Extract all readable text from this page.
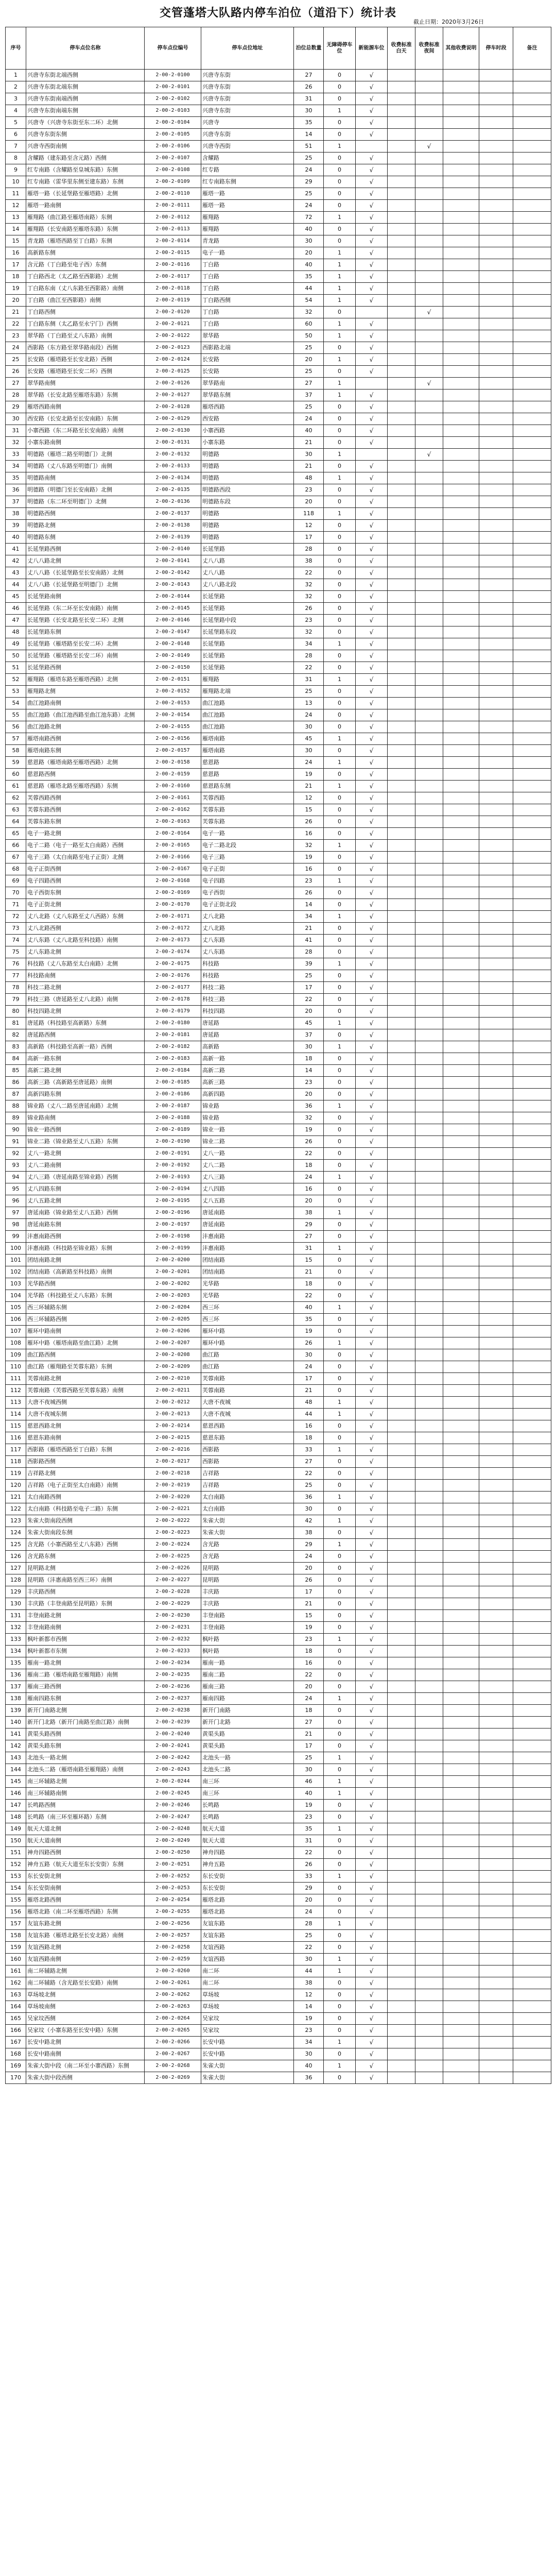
交管蓬塔大队路内停车泊位（道沿下）统计表
截止日期：2020年3月26日
序号	停车点位名称	停车点位编号	停车点位地址	泊位总数量	无障碍停车位	新能源车位	收费标准白天	收费标准夜间	其他收费说明	停车时段	备注
1	兴唐寺东街北端西侧	2-00-2-0100	兴唐寺东街	27	0	√					
2	兴唐寺东街北端东侧	2-00-2-0101	兴唐寺东街	26	0	√					
3	兴唐寺东街南端西侧	2-00-2-0102	兴唐寺东街	31	0	√					
4	兴唐寺东街南端东侧	2-00-2-0103	兴唐寺东街	30	1	√					
5	兴唐寺（兴唐寺东街至东二环）北侧	2-00-2-0104	兴唐寺	35	0	√					
6	兴唐寺东街东侧	2-00-2-0105	兴唐寺东街	14	0	√					
7	兴唐寺西街南侧	2-00-2-0106	兴唐寺西街	51	1			√			
8	含耀路（建东路至含元路）西侧	2-00-2-0107	含耀路	25	0	√					
9	红专南路（含耀路至皇城东路）东侧	2-00-2-0108	红专路	24	0	√					
10	红专南路（雷华里东侧至建东路）东侧	2-00-2-0109	红专南路东侧	29	0	√					
11	雁塔一路（长延堡路至雁塔路）北侧	2-00-2-0110	雁塔一路	25	0	√					
12	雁塔一路南侧	2-00-2-0111	雁塔一路	24	0	√					
13	雁翔路（曲江路至雁塔南路）东侧	2-00-2-0112	雁翔路	72	1	√					
14	雁翔路（长安南路至雁塔东路）东侧	2-00-2-0113	雁翔路	40	0	√					
15	青龙路（雁塔西路至丁白路）东侧	2-00-2-0114	青龙路	30	0	√					
16	高新路东侧	2-00-2-0115	电子一路	20	1	√					
17	含元路（丁白路至电子西）东侧	2-00-2-0116	丁白路	40	1	√					
18	丁白路西北（太乙路至西影路）北侧	2-00-2-0117	丁白路	35	1	√					
19	丁白路东南（丈八东路至西影路）南侧	2-00-2-0118	丁白路	44	1	√					
20	丁白路（曲江至西影路）南侧	2-00-2-0119	丁白路西侧	54	1	√					
21	丁白路西侧	2-00-2-0120	丁白路	32	0			√			
22	丁白路东侧（太乙路至永宁门）西侧	2-00-2-0121	丁白路	60	1	√					
23	翠华路（丁白路至丈八东路）南侧	2-00-2-0122	翠华路	50	1	√					
24	西影路（东方路至翠华路南段）西侧	2-00-2-0123	西影路北端	25	0	√					
25	长安路（雁塔路至长安北路）西侧	2-00-2-0124	长安路	20	1	√					
26	长安路（雁塔路至长安二环）西侧	2-00-2-0125	长安路	25	0	√					
27	翠华路南侧	2-00-2-0126	翠华路南	27	1			√			
28	翠华路（长安北路至雁塔东路）东侧	2-00-2-0127	翠华路东侧	37	1	√					
29	雁塔西路南侧	2-00-2-0128	雁塔西路	25	0	√					
30	西安路（长安北路至长安南路）东侧	2-00-2-0129	西安路	24	0	√					
31	小寨西路（东二环路至长安南路）南侧	2-00-2-0130	小寨西路	40	0	√					
32	小寨东路南侧	2-00-2-0131	小寨东路	21	0	√					
33	明德路（雁塔二路至明德门）北侧	2-00-2-0132	明德路	30	1			√			
34	明德路（丈八东路至明德门）南侧	2-00-2-0133	明德路	21	0	√					
35	明德路南侧	2-00-2-0134	明德路	48	1	√					
36	明德路（明德门至长安南路）北侧	2-00-2-0135	明德路西段	23	0	√					
37	明德路（东二环至明德门）北侧	2-00-2-0136	明德路东段	20	0	√					
38	明德路西侧	2-00-2-0137	明德路	118	1	√					
39	明德路北侧	2-00-2-0138	明德路	12	0	√					
40	明德路东侧	2-00-2-0139	明德路	17	0	√					
41	长延堡路西侧	2-00-2-0140	长延堡路	28	0	√					
42	丈八八路北侧	2-00-2-0141	丈八八路	38	0	√					
43	丈八八路（长延堡路至长安南路）北侧	2-00-2-0142	丈八八路	22	0	√					
44	丈八八路（长延堡路至明德门）北侧	2-00-2-0143	丈八八路北段	32	0	√					
45	长延堡路南侧	2-00-2-0144	长延堡路	32	0	√					
46	长延堡路（东二环至长安南路）南侧	2-00-2-0145	长延堡路	26	0	√					
47	长延堡路（长安北路至长安二环）北侧	2-00-2-0146	长延堡路中段	23	0	√					
48	长延堡路东侧	2-00-2-0147	长延堡路东段	32	0	√					
49	长延堡路（雁塔路至长安二环）北侧	2-00-2-0148	长延堡路	34	1	√					
50	长延堡路（雁塔路至长安二环）南侧	2-00-2-0149	长延堡路	28	0	√					
51	长延堡路西侧	2-00-2-0150	长延堡路	22	0	√					
52	雁翔路（雁塔东路至雁塔西路）北侧	2-00-2-0151	雁翔路	31	1	√					
53	雁翔路北侧	2-00-2-0152	雁翔路北端	25	0	√					
54	曲江池路南侧	2-00-2-0153	曲江池路	13	0	√					
55	曲江池路（曲江池西路至曲江池东路）北侧	2-00-2-0154	曲江池路	24	0	√					
56	曲江池路北侧	2-00-2-0155	曲江池路	30	0	√					
57	雁塔南路西侧	2-00-2-0156	雁塔南路	45	1	√					
58	雁塔南路东侧	2-00-2-0157	雁塔南路	30	0	√					
59	慈恩路（雁塔南路至雁塔西路）北侧	2-00-2-0158	慈恩路	24	1	√					
60	慈恩路西侧	2-00-2-0159	慈恩路	19	0	√					
61	慈恩路（雁塔北路至雁塔西路）东侧	2-00-2-0160	慈恩路东侧	21	1	√					
62	芙蓉西路西侧	2-00-2-0161	芙蓉西路	12	0	√					
63	芙蓉东路西侧	2-00-2-0162	芙蓉东路	15	0	√					
64	芙蓉东路东侧	2-00-2-0163	芙蓉东路	26	0	√					
65	电子一路北侧	2-00-2-0164	电子一路	16	0	√					
66	电子二路（电子一路至太白南路）西侧	2-00-2-0165	电子二路北段	32	1	√					
67	电子三路（太白南路至电子正街）北侧	2-00-2-0166	电子三路	19	0	√					
68	电子正街西侧	2-00-2-0167	电子正街	16	0	√					
69	电子四路西侧	2-00-2-0168	电子四路	23	1	√					
70	电子西街东侧	2-00-2-0169	电子西街	26	0	√					
71	电子正街北侧	2-00-2-0170	电子正街北段	14	0	√					
72	丈八北路（丈八东路至丈八西路）东侧	2-00-2-0171	丈八北路	34	1	√					
73	丈八北路西侧	2-00-2-0172	丈八北路	21	0	√					
74	丈八东路（丈八北路至科技路）南侧	2-00-2-0173	丈八东路	41	0	√					
75	丈八东路北侧	2-00-2-0174	丈八东路	28	0	√					
76	科技路（丈八东路至太白南路）北侧	2-00-2-0175	科技路	39	1	√					
77	科技路南侧	2-00-2-0176	科技路	25	0	√					
78	科技二路北侧	2-00-2-0177	科技二路	17	0	√					
79	科技三路（唐延路至丈八北路）南侧	2-00-2-0178	科技三路	22	0	√					
80	科技四路北侧	2-00-2-0179	科技四路	20	0	√					
81	唐延路（科技路至高新路）东侧	2-00-2-0180	唐延路	45	1	√					
82	唐延路西侧	2-00-2-0181	唐延路	37	0	√					
83	高新路（科技路至高新一路）西侧	2-00-2-0182	高新路	30	1	√					
84	高新一路东侧	2-00-2-0183	高新一路	18	0	√					
85	高新二路北侧	2-00-2-0184	高新二路	14	0	√					
86	高新三路（高新路至唐延路）南侧	2-00-2-0185	高新三路	23	0	√					
87	高新四路东侧	2-00-2-0186	高新四路	20	0	√					
88	锦业路（丈八二路至唐延南路）北侧	2-00-2-0187	锦业路	36	1	√					
89	锦业路南侧	2-00-2-0188	锦业路	32	0	√					
90	锦业一路西侧	2-00-2-0189	锦业一路	19	0	√					
91	锦业二路（锦业路至丈八五路）东侧	2-00-2-0190	锦业二路	26	0	√					
92	丈八一路北侧	2-00-2-0191	丈八一路	22	0	√					
93	丈八二路南侧	2-00-2-0192	丈八二路	18	0	√					
94	丈八三路（唐延南路至锦业路）西侧	2-00-2-0193	丈八三路	24	1	√					
95	丈八四路东侧	2-00-2-0194	丈八四路	16	0	√					
96	丈八五路北侧	2-00-2-0195	丈八五路	20	0	√					
97	唐延南路（锦业路至丈八五路）西侧	2-00-2-0196	唐延南路	38	1	√					
98	唐延南路东侧	2-00-2-0197	唐延南路	29	0	√					
99	沣惠南路西侧	2-00-2-0198	沣惠南路	27	0	√					
100	沣惠南路（科技路至锦业路）东侧	2-00-2-0199	沣惠南路	31	1	√					
101	团结南路北侧	2-00-2-0200	团结南路	15	0	√					
102	团结南路（高新路至科技路）南侧	2-00-2-0201	团结南路	21	0	√					
103	光华路西侧	2-00-2-0202	光华路	18	0	√					
104	光华路（科技路至丈八东路）东侧	2-00-2-0203	光华路	22	0	√					
105	西三环辅路东侧	2-00-2-0204	西三环	40	1	√					
106	西三环辅路西侧	2-00-2-0205	西三环	35	0	√					
107	雁环中路南侧	2-00-2-0206	雁环中路	19	0	√					
108	雁环中路（雁塔南路至曲江路）北侧	2-00-2-0207	雁环中路	26	1	√					
109	曲江路西侧	2-00-2-0208	曲江路	30	0	√					
110	曲江路（雁翔路至芙蓉东路）东侧	2-00-2-0209	曲江路	24	0	√					
111	芙蓉南路北侧	2-00-2-0210	芙蓉南路	17	0	√					
112	芙蓉南路（芙蓉西路至芙蓉东路）南侧	2-00-2-0211	芙蓉南路	21	0	√					
113	大唐不夜城西侧	2-00-2-0212	大唐不夜城	48	1	√					
114	大唐不夜城东侧	2-00-2-0213	大唐不夜城	44	1	√					
115	慈恩西路北侧	2-00-2-0214	慈恩西路	16	0	√					
116	慈恩东路南侧	2-00-2-0215	慈恩东路	18	0	√					
117	西影路（雁塔西路至丁白路）东侧	2-00-2-0216	西影路	33	1	√					
118	西影路西侧	2-00-2-0217	西影路	27	0	√					
119	吉祥路北侧	2-00-2-0218	吉祥路	22	0	√					
120	吉祥路（电子正街至太白南路）南侧	2-00-2-0219	吉祥路	25	0	√					
121	太白南路西侧	2-00-2-0220	太白南路	36	1	√					
122	太白南路（科技路至电子二路）东侧	2-00-2-0221	太白南路	30	0	√					
123	朱雀大街南段西侧	2-00-2-0222	朱雀大街	42	1	√					
124	朱雀大街南段东侧	2-00-2-0223	朱雀大街	38	0	√					
125	含光路（小寨西路至丈八东路）西侧	2-00-2-0224	含光路	29	1	√					
126	含光路东侧	2-00-2-0225	含光路	24	0	√					
127	昆明路北侧	2-00-2-0226	昆明路	20	0	√					
128	昆明路（沣惠南路至西三环）南侧	2-00-2-0227	昆明路	26	0	√					
129	丰庆路西侧	2-00-2-0228	丰庆路	17	0	√					
130	丰庆路（丰登南路至昆明路）东侧	2-00-2-0229	丰庆路	21	0	√					
131	丰登南路北侧	2-00-2-0230	丰登南路	15	0	√					
132	丰登南路南侧	2-00-2-0231	丰登南路	19	0	√					
133	枫叶新都市西侧	2-00-2-0232	枫叶路	23	1	√					
134	枫叶新都市东侧	2-00-2-0233	枫叶路	18	0	√					
135	雁南一路北侧	2-00-2-0234	雁南一路	16	0	√					
136	雁南二路（雁塔南路至雁翔路）南侧	2-00-2-0235	雁南二路	22	0	√					
137	雁南三路西侧	2-00-2-0236	雁南三路	20	0	√					
138	雁南四路东侧	2-00-2-0237	雁南四路	24	1	√					
139	新开门南路北侧	2-00-2-0238	新开门南路	18	0	√					
140	新开门北路（新开门南路至曲江路）南侧	2-00-2-0239	新开门北路	27	0	√					
141	黄渠头路西侧	2-00-2-0240	黄渠头路	21	0	√					
142	黄渠头路东侧	2-00-2-0241	黄渠头路	17	0	√					
143	北池头一路北侧	2-00-2-0242	北池头一路	25	1	√					
144	北池头二路（雁塔南路至雁翔路）南侧	2-00-2-0243	北池头二路	30	0	√					
145	南三环辅路北侧	2-00-2-0244	南三环	46	1	√					
146	南三环辅路南侧	2-00-2-0245	南三环	40	1	√					
147	长鸣路西侧	2-00-2-0246	长鸣路	19	0	√					
148	长鸣路（南三环至雁环路）东侧	2-00-2-0247	长鸣路	23	0	√					
149	航天大道北侧	2-00-2-0248	航天大道	35	1	√					
150	航天大道南侧	2-00-2-0249	航天大道	31	0	√					
151	神舟四路西侧	2-00-2-0250	神舟四路	22	0	√					
152	神舟五路（航天大道至东长安街）东侧	2-00-2-0251	神舟五路	26	0	√					
153	东长安街北侧	2-00-2-0252	东长安街	33	1	√					
154	东长安街南侧	2-00-2-0253	东长安街	29	0	√					
155	雁塔北路西侧	2-00-2-0254	雁塔北路	20	0	√					
156	雁塔北路（南二环至雁塔西路）东侧	2-00-2-0255	雁塔北路	24	0	√					
157	友谊东路北侧	2-00-2-0256	友谊东路	28	1	√					
158	友谊东路（雁塔北路至长安北路）南侧	2-00-2-0257	友谊东路	25	0	√					
159	友谊西路北侧	2-00-2-0258	友谊西路	22	0	√					
160	友谊西路南侧	2-00-2-0259	友谊西路	30	1	√					
161	南二环辅路北侧	2-00-2-0260	南二环	44	1	√					
162	南二环辅路（含光路至长安路）南侧	2-00-2-0261	南二环	38	0	√					
163	草场坡北侧	2-00-2-0262	草场坡	12	0	√					
164	草场坡南侧	2-00-2-0263	草场坡	14	0	√					
165	吴家坟西侧	2-00-2-0264	吴家坟	19	0	√					
166	吴家坟（小寨东路至长安中路）东侧	2-00-2-0265	吴家坟	23	0	√					
167	长安中路北侧	2-00-2-0266	长安中路	34	1	√					
168	长安中路南侧	2-00-2-0267	长安中路	30	0	√					
169	朱雀大街中段（南二环至小寨西路）东侧	2-00-2-0268	朱雀大街	40	1	√					
170	朱雀大街中段西侧	2-00-2-0269	朱雀大街	36	0	√					
